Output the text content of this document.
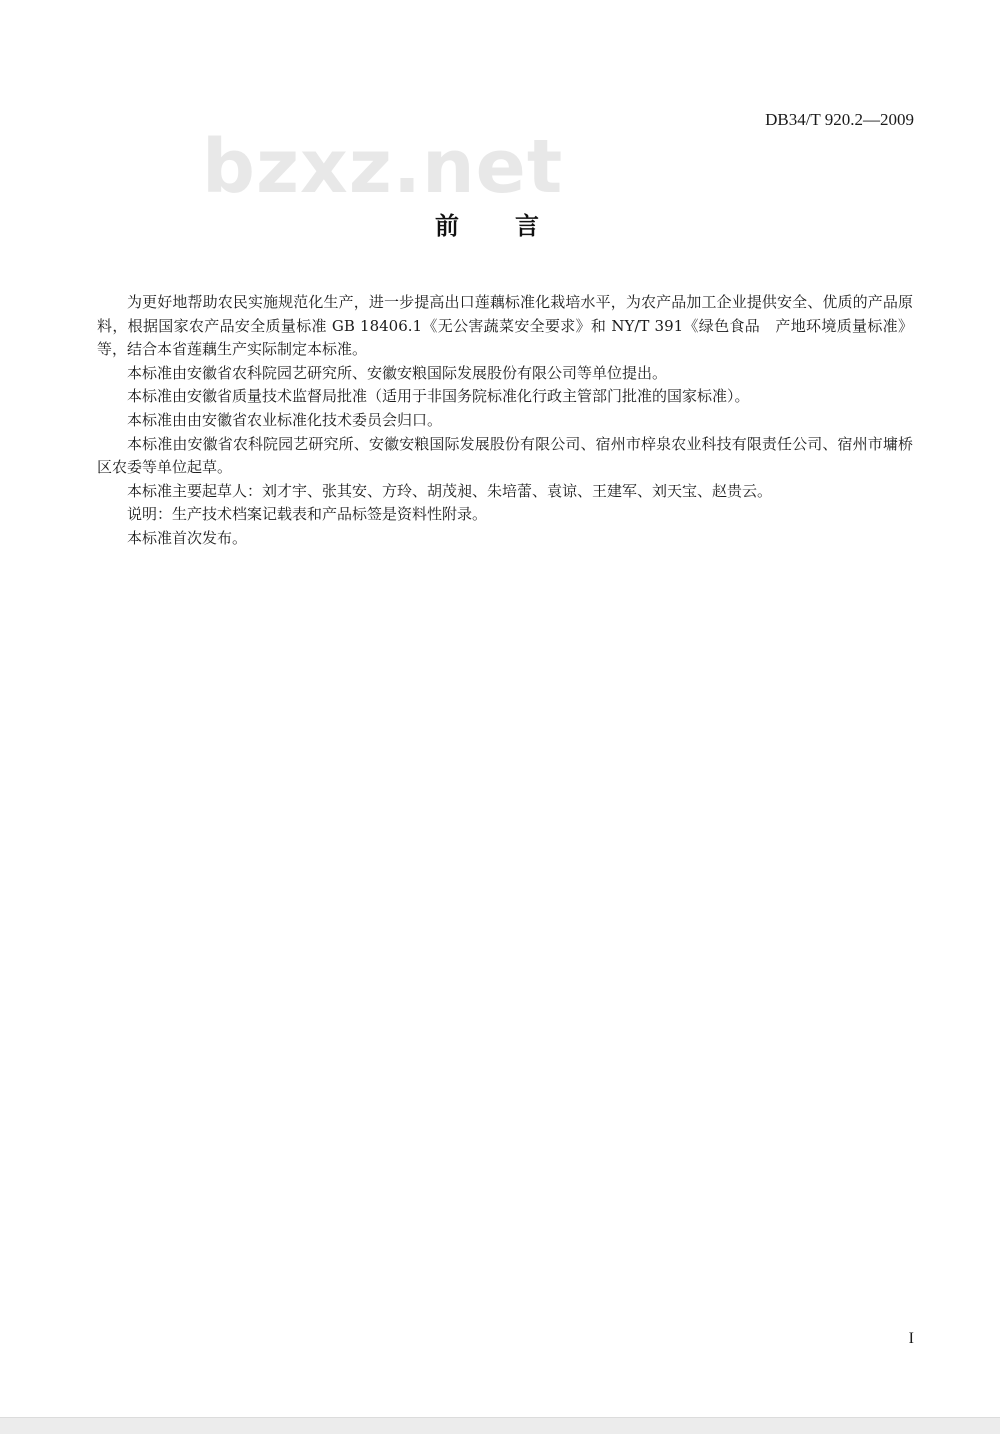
DB34/T 920.2—2009
bzxz.net
前言

为更好地帮助农民实施规范化生产，进一步提高出口莲藕标准化栽培水平，为农产品加工企业提供安全、优质的产品原料，根据国家农产品安全质量标准 GB 18406.1《无公害蔬菜安全要求》和 NY/T 391《绿色食品　产地环境质量标准》等，结合本省莲藕生产实际制定本标准。

本标准由安徽省农科院园艺研究所、安徽安粮国际发展股份有限公司等单位提出。

本标准由安徽省质量技术监督局批准（适用于非国务院标准化行政主管部门批准的国家标准）。

本标准由由安徽省农业标准化技术委员会归口。

本标准由安徽省农科院园艺研究所、安徽安粮国际发展股份有限公司、宿州市梓泉农业科技有限责任公司、宿州市墉桥区农委等单位起草。

本标准主要起草人：刘才宇、张其安、方玲、胡茂昶、朱培蕾、袁谅、王建军、刘天宝、赵贵云。

说明：生产技术档案记载表和产品标签是资料性附录。

本标准首次发布。

I
